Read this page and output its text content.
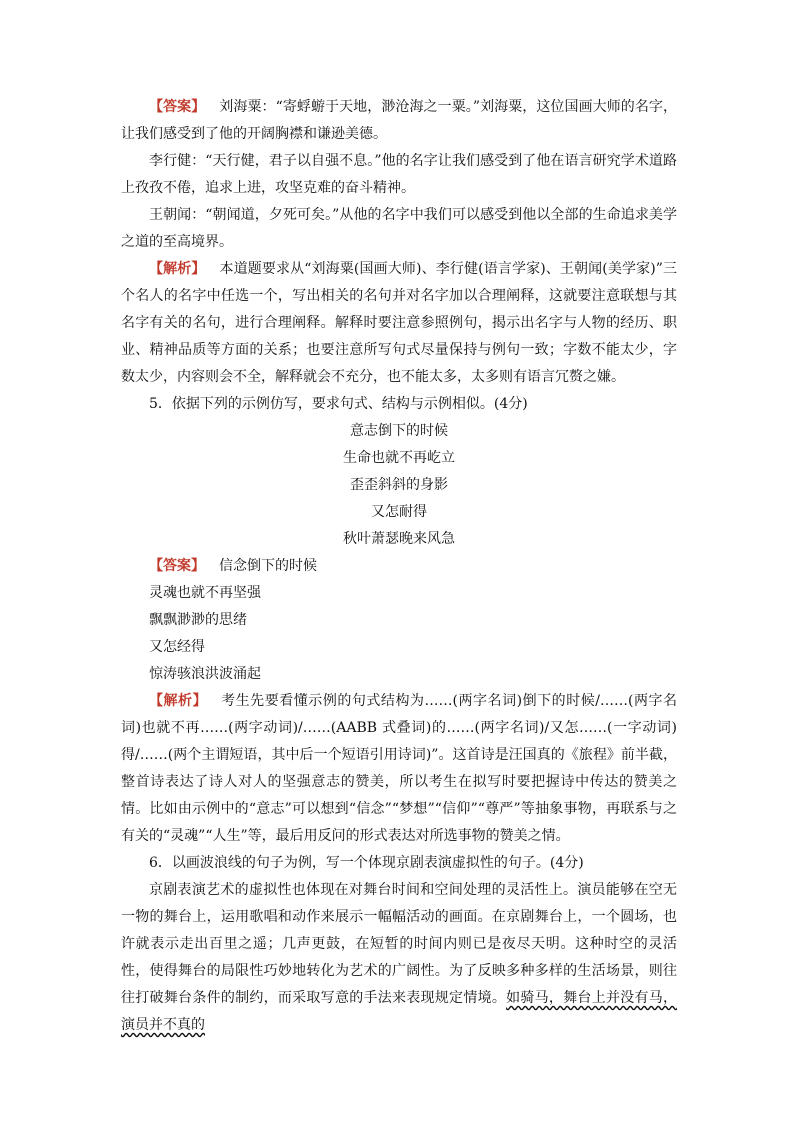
【答案】 刘海粟：“寄蜉蝣于天地，渺沧海之一粟。”刘海粟，这位国画大师的名字，让我们感受到了他的开阔胸襟和谦逊美德。

李行健：“天行健，君子以自强不息。”他的名字让我们感受到了他在语言研究学术道路上孜孜不倦，追求上进，攻坚克难的奋斗精神。

王朝闻：“朝闻道，夕死可矣。”从他的名字中我们可以感受到他以全部的生命追求美学之道的至高境界。

【解析】 本道题要求从“刘海粟(国画大师)、李行健(语言学家)、王朝闻(美学家)”三个名人的名字中任选一个，写出相关的名句并对名字加以合理阐释，这就要注意联想与其名字有关的名句，进行合理阐释。解释时要注意参照例句，揭示出名字与人物的经历、职业、精神品质等方面的关系；也要注意所写句式尽量保持与例句一致；字数不能太少，字数太少，内容则会不全，解释就会不充分，也不能太多，太多则有语言冗赘之嫌。

5．依据下列的示例仿写，要求句式、结构与示例相似。(4分)

意志倒下的时候

生命也就不再屹立

歪歪斜斜的身影

又怎耐得

秋叶萧瑟晚来风急

【答案】 信念倒下的时候

灵魂也就不再坚强

飘飘渺渺的思绪

又怎经得

惊涛骇浪洪波涌起

【解析】 考生先要看懂示例的句式结构为……(两字名词)倒下的时候/……(两字名词)也就不再……(两字动词)/……(AABB 式叠词)的……(两字名词)/又怎……(一字动词)得/……(两个主谓短语，其中后一个短语引用诗词)”。这首诗是汪国真的《旅程》前半截，整首诗表达了诗人对人的坚强意志的赞美，所以考生在拟写时要把握诗中传达的赞美之情。比如由示例中的“意志”可以想到“信念”“梦想”“信仰”“尊严”等抽象事物，再联系与之有关的“灵魂”“人生”等，最后用反问的形式表达对所选事物的赞美之情。

6．以画波浪线的句子为例，写一个体现京剧表演虚拟性的句子。(4分)

京剧表演艺术的虚拟性也体现在对舞台时间和空间处理的灵活性上。演员能够在空无一物的舞台上，运用歌唱和动作来展示一幅幅活动的画面。在京剧舞台上，一个圆场，也许就表示走出百里之遥；几声更鼓，在短暂的时间内则已是夜尽天明。这种时空的灵活性，使得舞台的局限性巧妙地转化为艺术的广阔性。为了反映多种多样的生活场景，则往往打破舞台条件的制约，而采取写意的手法来表现规定情境。如骑马，舞台上并没有马，演员并不真的
